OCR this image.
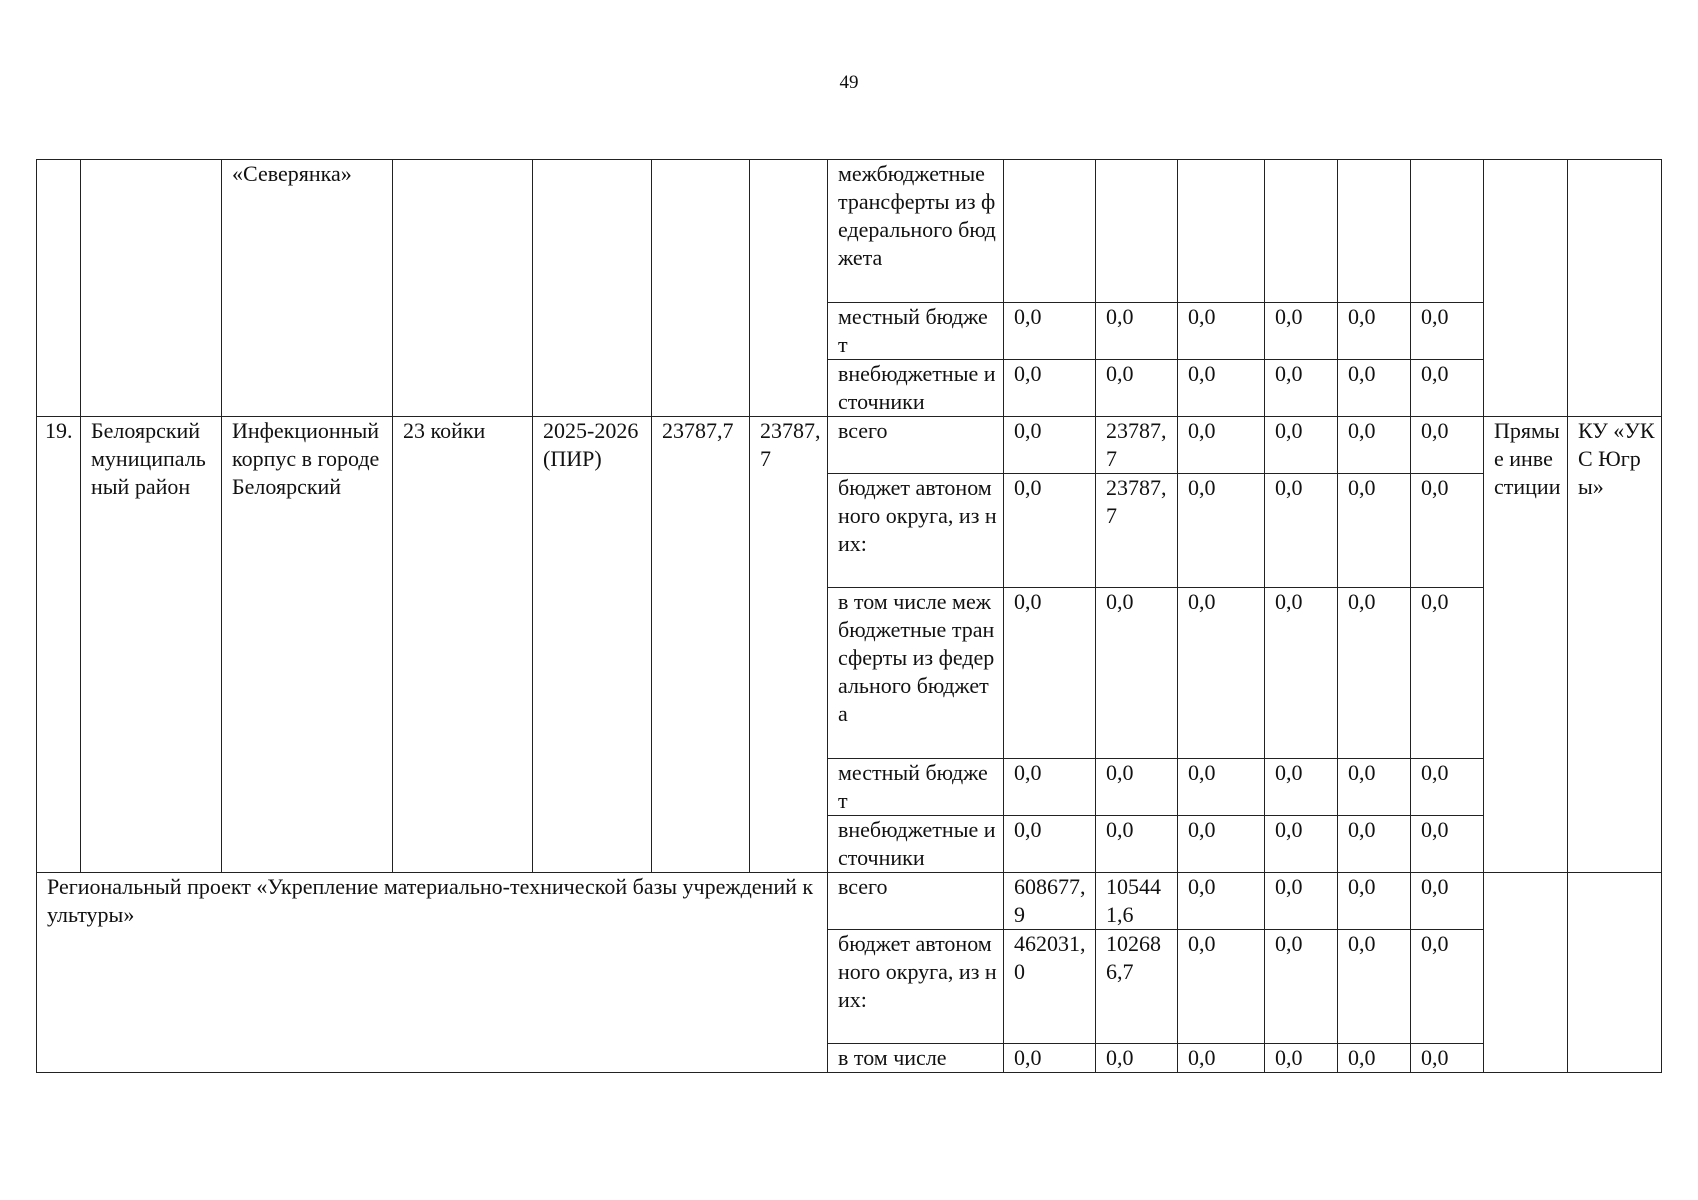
49
		«Северянка»					межбюджетные трансферты из федерального бюджета								
							местный бюджет	0,0	0,0	0,0	0,0	0,0	0,0		
							внебюджетные источники	0,0	0,0	0,0	0,0	0,0	0,0		
19.	Белоярский муниципальный район	Инфекционный корпус в городе Белоярский	23 койки	2025-2026 (ПИР)	23787,7	23787,7	всего	0,0	23787,7	0,0	0,0	0,0	0,0	Прямые инвестиции	КУ «УКС Югры»
							бюджет автономного округа, из них:	0,0	23787,7	0,0	0,0	0,0	0,0		
							в том числе межбюджетные трансферты из федерального бюджета	0,0	0,0	0,0	0,0	0,0	0,0		
							местный бюджет	0,0	0,0	0,0	0,0	0,0	0,0		
							внебюджетные источники	0,0	0,0	0,0	0,0	0,0	0,0		
Региональный проект «Укрепление материально-технической базы учреждений культуры»							всего	608677,9	105441,6	0,0	0,0	0,0	0,0		
							бюджет автономного округа, из них:	462031,0	102686,7	0,0	0,0	0,0	0,0		
							в том числе	0,0	0,0	0,0	0,0	0,0	0,0		
